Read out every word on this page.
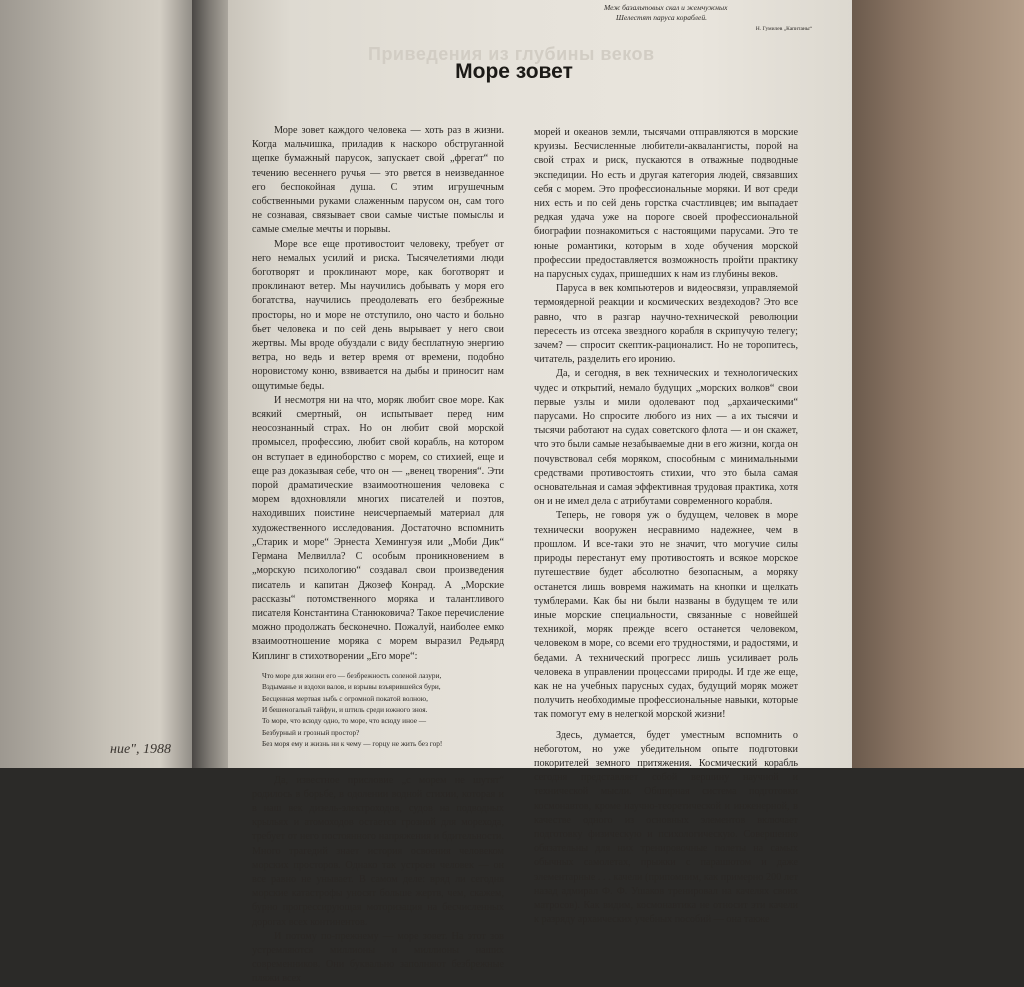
ние", 1988
Меж базальтовых скал и жемчужных
Шелестят паруса кораблей.
Н. Гумилев „Капитаны“
Приведения из глубины веков
Море зовет

Море зовет каждого человека — хоть раз в жизни. Когда мальчишка, приладив к наскоро обструганной щепке бумажный парусок, запускает свой „фрегат“ по течению весеннего ручья — это рвется в неизведанное его беспокойная душа. С этим игрушечным собственными руками слаженным парусом он, сам того не сознавая, связывает свои самые чистые помыслы и самые смелые мечты и порывы.

Море все еще противостоит человеку, требует от него немалых усилий и риска. Тысячелетиями люди боготворят и проклинают море, как боготворят и проклинают ветер. Мы научились добывать у моря его богатства, научились преодолевать его безбрежные просторы, но и море не отступило, оно часто и больно бьет человека и по сей день вырывает у него свои жертвы. Мы вроде обуздали с виду бесплатную энергию ветра, но ведь и ветер время от времени, подобно норовистому коню, взвивается на дыбы и приносит нам ощутимые беды.

И несмотря ни на что, моряк любит свое море. Как всякий смертный, он испытывает перед ним неосознанный страх. Но он любит свой морской промысел, профессию, любит свой корабль, на котором он вступает в единоборство с морем, со стихией, еще и еще раз доказывая себе, что он — „венец творения“. Эти порой драматические взаимоотношения человека с морем вдохновляли многих писателей и поэтов, находивших поистине неисчерпаемый материал для художественного исследования. Достаточно вспомнить „Старик и море“ Эрнеста Хемингуэя или „Моби Дик“ Германа Мелвилла? С особым проникновением в „морскую психологию“ создавал свои произведения писатель и капитан Джозеф Конрад. А „Морские рассказы“ потомственного моряка и талантливого писателя Константина Станюковича? Такое перечисление можно продолжать бесконечно. Пожалуй, наиболее емко взаимоотношение моряка с морем выразил Редьярд Киплинг в стихотворении „Его море“:

Что море для жизни его — безбрежность соленой лазури,
Вздыманье и вздохи валов, и взрывы взъярившейся бури,
Бесценная мертвая зыбь с огромной покатой волною,
И бешеногалый тайфун, и штиль среди южного зноя.
То море, что всюду одно, то море, что всюду иное —
Безбурный и грозный простор?
Без моря ему и жизнь ни к чему — горцу не жить без гор!

Да, известное присловие „с морем не шутят“ родилось в борьбе, в одолении водной стихии, которая и в наш век дизель-электроходов, судов на подводных крыльях и атомоходов остается грозной для мореходa, требует от него постоянного напряжения и бдительности. Много трагедий знает история освоения человеком морских просторов. Однако так устроен человек — он все равно не унывает. В самом деле: вряд ли сегодня морские катастрофы уносят больше жертв, чем, скажем, бурно прогрессирующая моторизация на бесчисленных дорогах всех континентов.

И потому по-прежнему — море зовет. На этот зов устремляются миллионы и миллионы наших современников. Они буквально заполняют безбрежные пляжи всех

морей и океанов земли, тысячами отправляются в морские круизы. Бесчисленные любители-аквалангисты, порой на свой страх и риск, пускаются в отважные подводные экспедиции. Но есть и другая категория людей, связавших себя с морем. Это профессиональные моряки. И вот среди них есть и по сей день горстка счастливцев; им выпадает редкая удача уже на пороге своей профессиональной биографии познакомиться с настоящими парусами. Это те юные романтики, которым в ходе обучения морской профессии предоставляется возможность пройти практику на парусных судах, пришедших к нам из глубины веков.

Паруса в век компьютеров и видеосвязи, управляемой термоядерной реакции и космических вездеходов? Это все равно, что в разгар научно-технической революции пересесть из отсека звездного корабля в скрипучую телегу; зачем? — спросит скептик-рационалист. Но не торопитесь, читатель, разделить его иронию.

Да, и сегодня, в век технических и технологических чудес и открытий, немало будущих „морских волков“ свои первые узлы и мили одолевают под „архаическими“ парусами. Но спросите любого из них — а их тысячи и тысячи работают на судах советского флота — и он скажет, что это были самые незабываемые дни в его жизни, когда он почувствовал себя моряком, способным с минимальными средствами противостоять стихии, что это была самая основательная и самая эффективная трудовая практика, хотя он и не имел дела с атрибутами современного корабля.

Теперь, не говоря уж о будущем, человек в море технически вооружен несравнимо надежнее, чем в прошлом. И все-таки это не значит, что могучие силы природы перестанут ему противостоять и всякое морское путешествие будет абсолютно безопасным, а моряку останется лишь вовремя нажимать на кнопки и щелкать тумблерами. Как бы ни были названы в будущем те или иные морские специальности, связанные с новейшей техникой, моряк прежде всего останется человеком, человеком в море, со всеми его трудностями, и радостями, и бедами. А технический прогресс лишь усиливает роль человека в управлении процессами природы. И где же еще, как не на учебных парусных судах, будущий моряк может получить необходимые профессиональные навыки, которые так помогут ему в нелегкой морской жизни!

Здесь, думается, будет уместным вспомнить о небоготом, но уже убедительном опыте подготовки покорителей земного притяжения. Космический корабль сегодня представляет собой вершину научной и технической мысли. Обширная система подготовки космонавтов, кроме научно-теоретической и инженерной, в качестве одного из основных элементов включает подготовку физическую и психологическую. Совершенно обязательны для них тренировочные полеты на самых обычных самолетах, прыжки с парашютом и даже элементарные . . . качели (припомним, как примерно 200 лет назад адмирал Ф. Ф. Ушаков тренировал на качелях своих матросов). Как видим, космонавтика не относит эти качели к разряду архаических учебных пособий — она также
